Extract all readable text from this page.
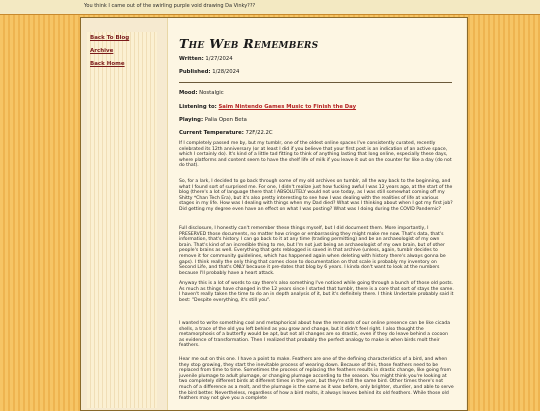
You think I came out of the swirling purple void drawing Da Vinky???
Back To Blog
Archive
Back Home
The Web Remembers
Written: 1/27/2024
Published: 1/28/2024
Mood: Nostalgic
Listening to: Saim Nintendo Games Music to Finish the Day
Playing: Palia Open Beta
Current Temperature: 72F/22.2C

If I completely passed me by, but my tumblr, one of the oldest online spaces I've consistently curated, recently celebrated its 12th anniversary (or at least I did if you believe that your first post is an indication of an active space, which I certainly do). It's kind of a little tad fitting to think of anything lasting that long online, especially these days, where platforms and content seem to have the shelf life of milk if you leave it out on the counter for like a day (do not do that).

So, for a lark, I decided to go back through some of my old archives on tumblr, all the way back to the beginning, and what I found sort of surprised me. For one, I didn't realize just how fucking awful I was 12 years ago, at the start of the blog (there's a lot of language there that I ABSOLUTELY would not use today, as I was still somewhat coming off my Shitty *Chan Tech Era), but it's also pretty interesting to see how I was dealing with the realities of life at various stages in my life. How was I dealing with things when my Dad died? What was I thinking about when I got my first job? Did getting my degree even have an effect on what I was posting? What was I doing during the COVID Pandemic?

Full disclosure, I honestly can't remember these things myself, but I did document them. More importantly, I PRESERVED those documents, no matter how cringe or embarrassing they might make me now. That's data, that's information, that's history. I can go back to it at any time (trading permitting) and be an archaeologist of my own brain. That's kind of an incredible thing to me, but I'm not just being an archaeologist of my own brain, but of other people's brains as well. Everything that gets reblogged is saved in that archive (unless, again, tumblr decides to remove it for community guidelines, which has happened again when deleting with history there's always gonna be gaps). I think really the only thing that comes close to documentation on that scale is probably my inventory on Second Life, and that's ONLY because it pre-dates that blog by 6 years. I kinda don't want to look at the numbers because I'll probably have a heart attack.

Anyway this is a lot of words to say there's also something I've noticed while going through a bunch of those old posts. As much as things have changed in the 12 years since I started that tumblr, there is a core that sort of stays the same. I haven't really taken the time to do an in depth analysis of it, but it's definitely there. I think Undertale probably said it best: "Despite everything, it's still you".

I wanted to write something cool and metaphorical about how the remnants of our online presence can be like cicada shells, a trace of the old you left behind as you grow and change, but it didn't feel right. I also thought the metamorphosis of a butterfly would be apt, but not all changes are so drastic, even if they do leave behind a cocoon as evidence of transformation. Then I realized that probably the perfect analogy to make is when birds molt their feathers.

Hear me out on this one. I have a point to make. Feathers are one of the defining characteristics of a bird, and when they stop growing, they start the inevitable process of wearing down. Because of this, those feathers need to be replaced from time to time. Sometimes the process of replacing the feathers results in drastic change, like going from juvenile plumage to adult plumage, or changing plumage according to the season. You might think you're looking at two completely different birds at different times in the year, but they're still the same bird. Other times there's not much of a difference as a molt, and the plumage is the same as it was before, only brighter, sturdier, and able to serve the bird better. Nevertheless, regardless of how a bird molts, it always leaves behind its old feathers. While those old feathers may not give you a complete
